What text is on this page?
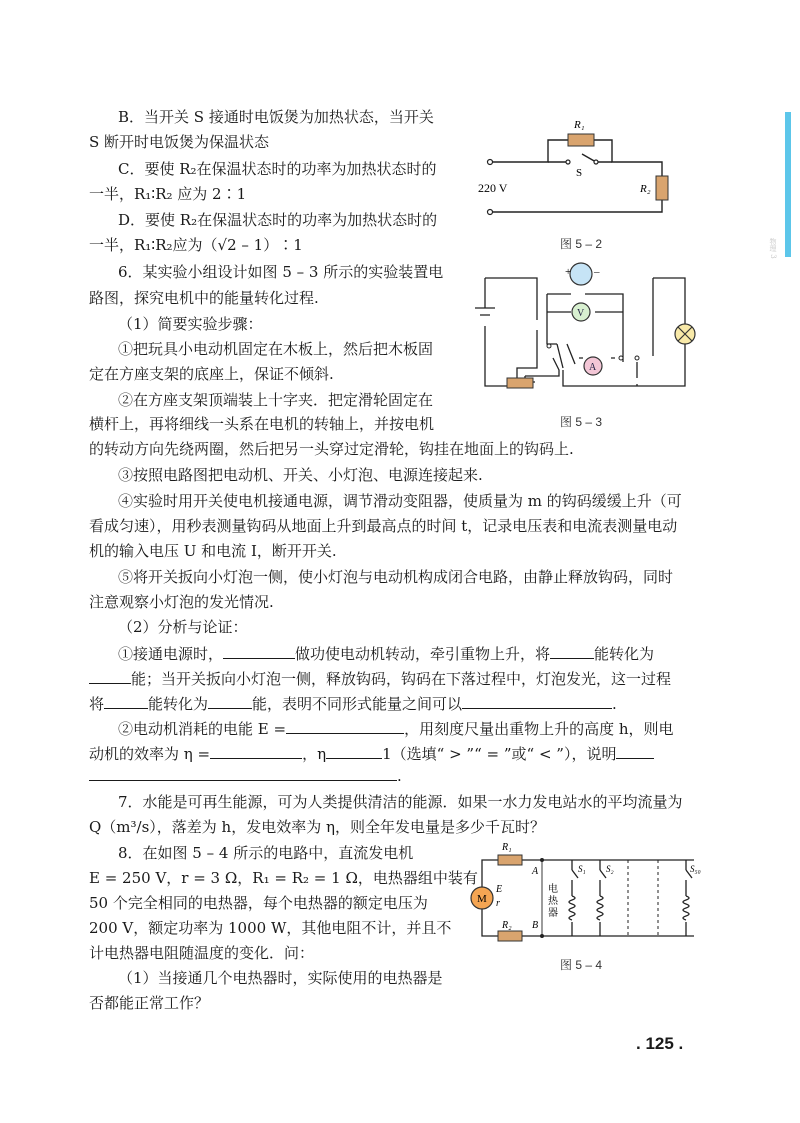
物理 3
B．当开关 S 接通时电饭煲为加热状态，当开关
S 断开时电饭煲为保温状态
C．要使 R₂在保温状态时的功率为加热状态时的
一半，R₁∶R₂ 应为 2∶1
D．要使 R₂在保温状态时的功率为加热状态时的
一半，R₁∶R₂应为（√2 – 1）∶1
6．某实验小组设计如图 5 – 3 所示的实验装置电
路图，探究电机中的能量转化过程.
（1）简要实验步骤：
①把玩具小电动机固定在木板上，然后把木板固
定在方座支架的底座上，保证不倾斜.
②在方座支架顶端装上十字夹．把定滑轮固定在
横杆上，再将细线一头系在电机的转轴上，并按电机
的转动方向先绕两圈，然后把另一头穿过定滑轮，钩挂在地面上的钩码上.
③按照电路图把电动机、开关、小灯泡、电源连接起来.
④实验时用开关使电机接通电源，调节滑动变阻器，使质量为 m 的钩码缓缓上升（可
看成匀速），用秒表测量钩码从地面上升到最高点的时间 t，记录电压表和电流表测量电动
机的输入电压 U 和电流 I，断开开关.
⑤将开关扳向小灯泡一侧，使小灯泡与电动机构成闭合电路，由静止释放钩码，同时
注意观察小灯泡的发光情况.
（2）分析与论证：
①接通电源时，	做功使电动机转动，牵引重物上升，将	能转化为
能；当开关扳向小灯泡一侧，释放钩码，钩码在下落过程中，灯泡发光，这一过程
将	能转化为	能，表明不同形式能量之间可以	.
②电动机消耗的电能 E =	，用刻度尺量出重物上升的高度 h，则电
动机的效率为 η =	，η	1（选填“ > ”“ = ”或“ < ”），说明
.
7．水能是可再生能源，可为人类提供清洁的能源．如果一水力发电站水的平均流量为
Q（m³/s），落差为 h，发电效率为 η，则全年发电量是多少千瓦时？
8．在如图 5 – 4 所示的电路中，直流发电机
E = 250 V，r = 3 Ω，R₁ = R₂ = 1 Ω，电热器组中装有
50 个完全相同的电热器，每个电热器的额定电压为
200 V，额定功率为 1000 W，其他电阻不计，并且不
计电热器电阻随温度的变化．问：
（1）当接通几个电热器时，实际使用的电热器是
否都能正常工作？
R₁
S
220 V	R₂
图 5 – 2
+ –
V
A
图 5 – 3
M
R₁
R₂
E
r
A
B
S₁ S₂	S₅₀
电热器
图 5 – 4
. 125 .
